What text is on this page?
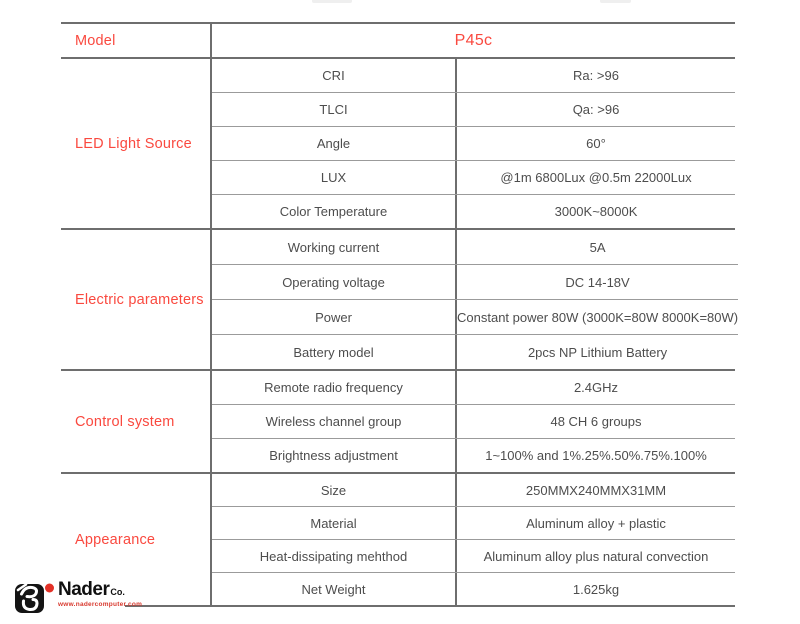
Model	P45c
LED Light Source
CRI	Ra: >96
TLCI	Qa: >96
Angle	60°
LUX	@1m 6800Lux @0.5m 22000Lux
Color Temperature	3000K~8000K
Electric parameters
Working current	5A
Operating voltage	DC 14-18V
Power	Constant power 80W (3000K=80W 8000K=80W)
Battery model	2pcs NP Lithium Battery
Control system
Remote radio frequency	2.4GHz
Wireless channel group	48 CH 6 groups
Brightness adjustment	1~100% and 1%.25%.50%.75%.100%
Appearance
Size	250MMX240MMX31MM
Material	Aluminum alloy + plastic
Heat-dissipating mehthod	Aluminum alloy plus natural convection
Net Weight	1.625kg
NaderCo.
www.nadercomputer.com
